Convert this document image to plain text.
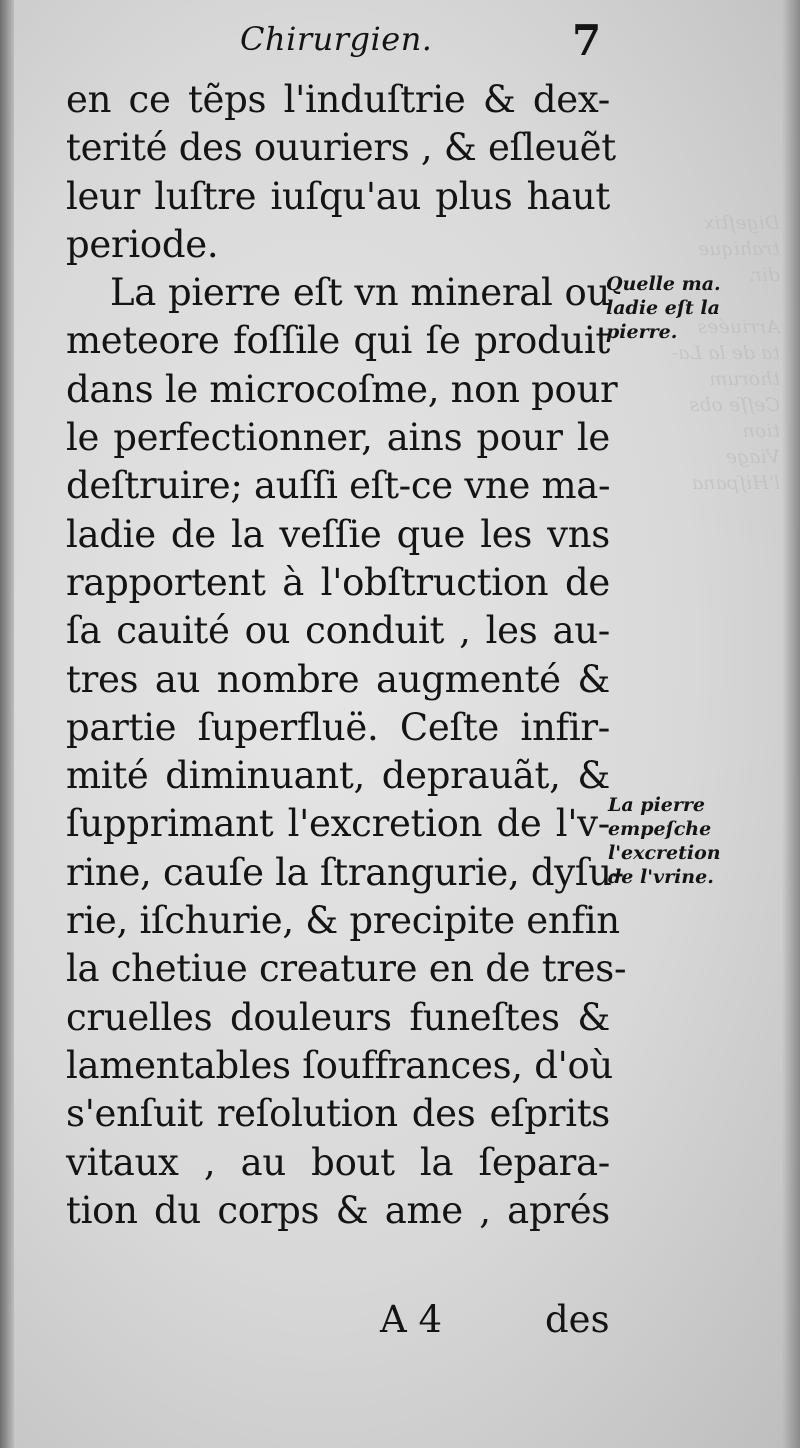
Digeſtix
trahique
dir.

Arriuées
ta de la La-
thorum
Ceſſe obs
tion
Viage
l'Hiſpana
Chirurgien.	7
en ce tẽps l'induſtrie & dex-
terité des ouuriers , & eſleuẽt
leur luſtre iuſqu'au plus haut
periode.
La pierre eſt vn mineral ou
meteore foſſile qui ſe produit
dans le microcoſme, non pour
le perfectionner, ains pour le
deſtruire; auſſi eſt-ce vne ma-
ladie de la veſſie que les vns
rapportent à l'obſtruction de
ſa cauité ou conduit , les au-
tres au nombre augmenté &
partie ſuperfluë. Ceſte infir-
mité diminuant, deprauãt, &
ſupprimant l'excretion de l'v-
rine, cauſe la ſtrangurie, dyſu-
rie, iſchurie, & precipite enfin
la chetiue creature en de tres-
cruelles douleurs funeſtes &
lamentables ſouffrances, d'où
s'enſuit reſolution des eſprits
vitaux , au bout la ſepara-
tion du corps & ame , aprés
Quelle ma.
ladie eſt la
pierre.
La pierre
empeſche
l'excretion
de l'vrine.
A 4	des
